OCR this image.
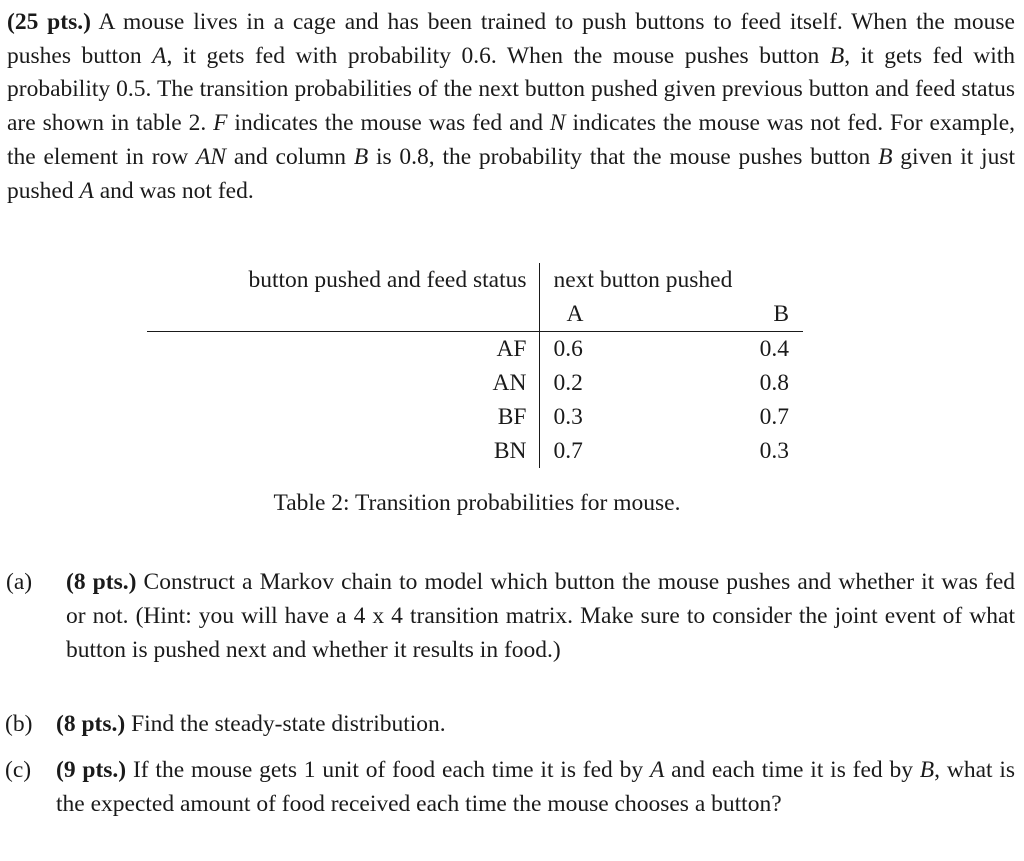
(25 pts.) A mouse lives in a cage and has been trained to push buttons to feed itself. When the mouse pushes button A, it gets fed with probability 0.6. When the mouse pushes button B, it gets fed with probability 0.5. The transition probabilities of the next button pushed given previous button and feed status are shown in table 2. F indicates the mouse was fed and N indicates the mouse was not fed. For example, the element in row AN and column B is 0.8, the probability that the mouse pushes button B given it just pushed A and was not fed.
button pushed and feed status	next button pushed	
	A	B
AF	0.6	0.4
AN	0.2	0.8
BF	0.3	0.7
BN	0.7	0.3
Table 2: Transition probabilities for mouse.
(a) (8 pts.) Construct a Markov chain to model which button the mouse pushes and whether it was fed or not. (Hint: you will have a 4 x 4 transition matrix. Make sure to consider the joint event of what button is pushed next and whether it results in food.)
(b) (8 pts.) Find the steady-state distribution.
(c) (9 pts.) If the mouse gets 1 unit of food each time it is fed by A and each time it is fed by B, what is the expected amount of food received each time the mouse chooses a button?
